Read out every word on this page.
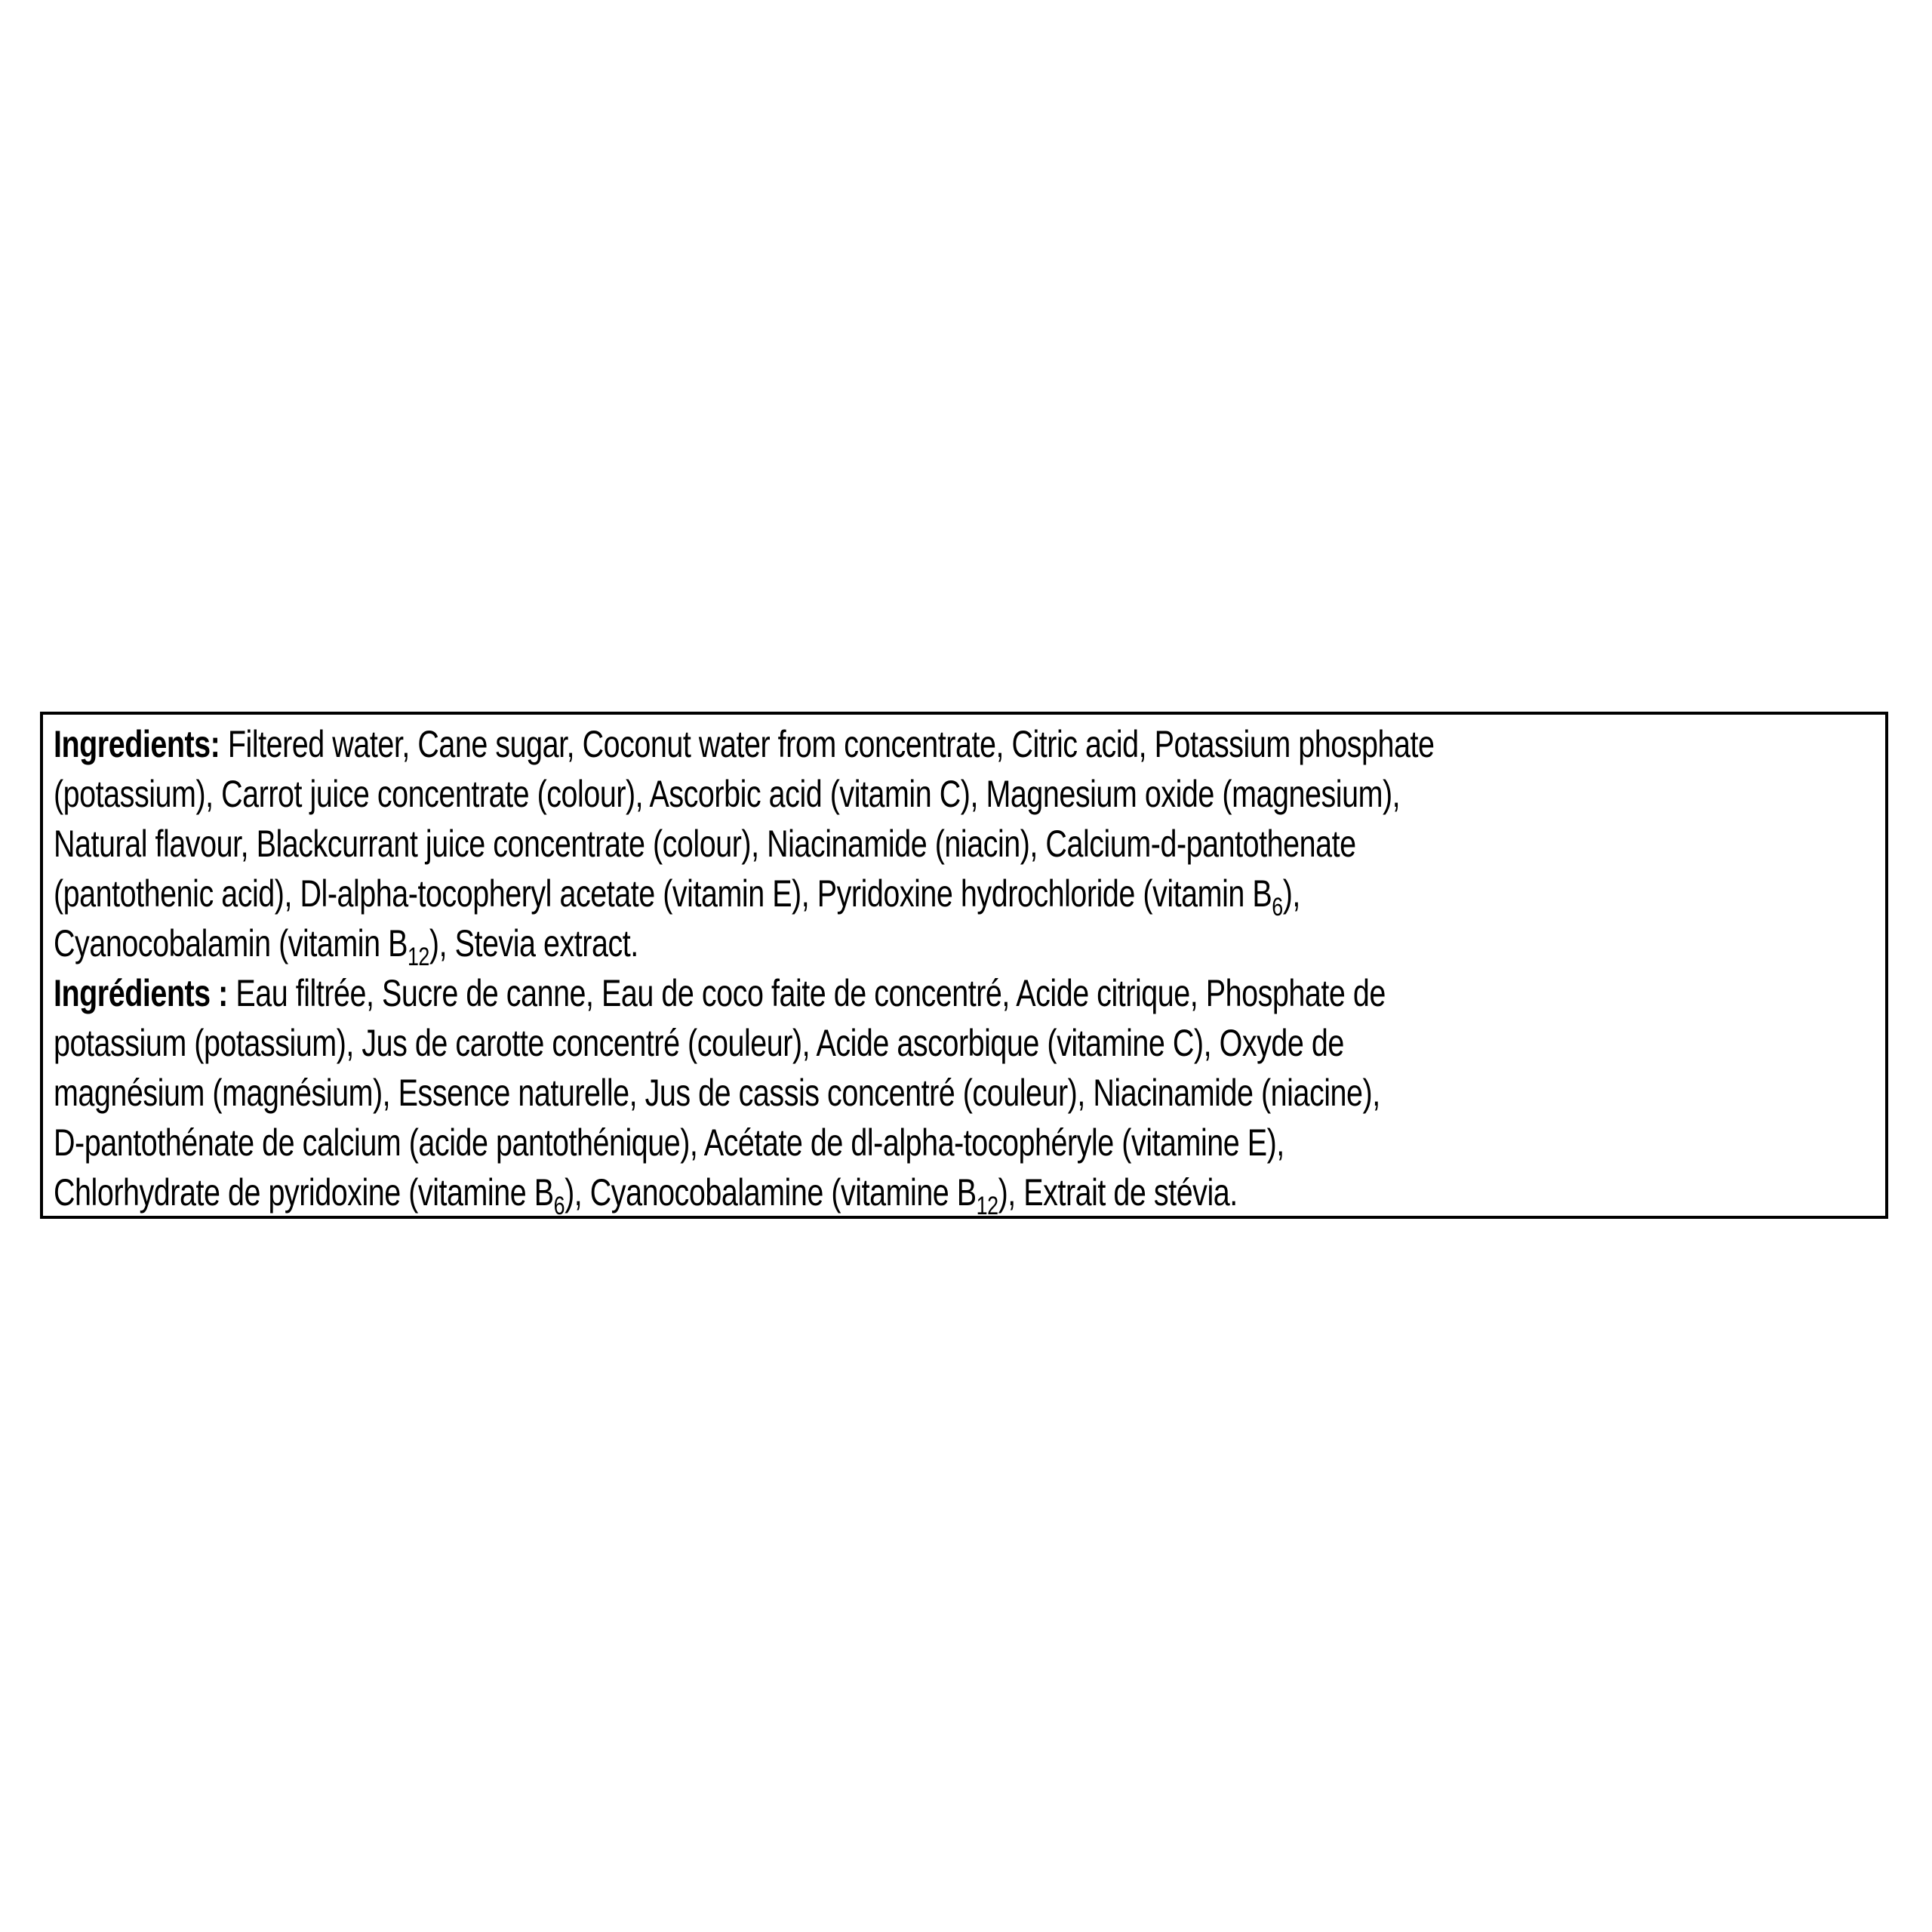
Ingredients: Filtered water, Cane sugar, Coconut water from concentrate, Citric acid, Potassium phosphate
(potassium), Carrot juice concentrate (colour), Ascorbic acid (vitamin C), Magnesium oxide (magnesium),
Natural flavour, Blackcurrant juice concentrate (colour), Niacinamide (niacin), Calcium-d-pantothenate
(pantothenic acid), Dl-alpha-tocopheryl acetate (vitamin E), Pyridoxine hydrochloride (vitamin $B_6$),
Cyanocobalamin (vitamin $B_{12}$), Stevia extract.
Ingrédients : Eau filtrée, Sucre de canne, Eau de coco faite de concentré, Acide citrique, Phosphate de
potassium (potassium), Jus de carotte concentré (couleur), Acide ascorbique (vitamine C), Oxyde de
magnésium (magnésium), Essence naturelle, Jus de cassis concentré (couleur), Niacinamide (niacine),
D-pantothénate de calcium (acide pantothénique), Acétate de dl-alpha-tocophéryle (vitamine E),
Chlorhydrate de pyridoxine (vitamine $B_6$), Cyanocobalamine (vitamine $B_{12}$), Extrait de stévia.
